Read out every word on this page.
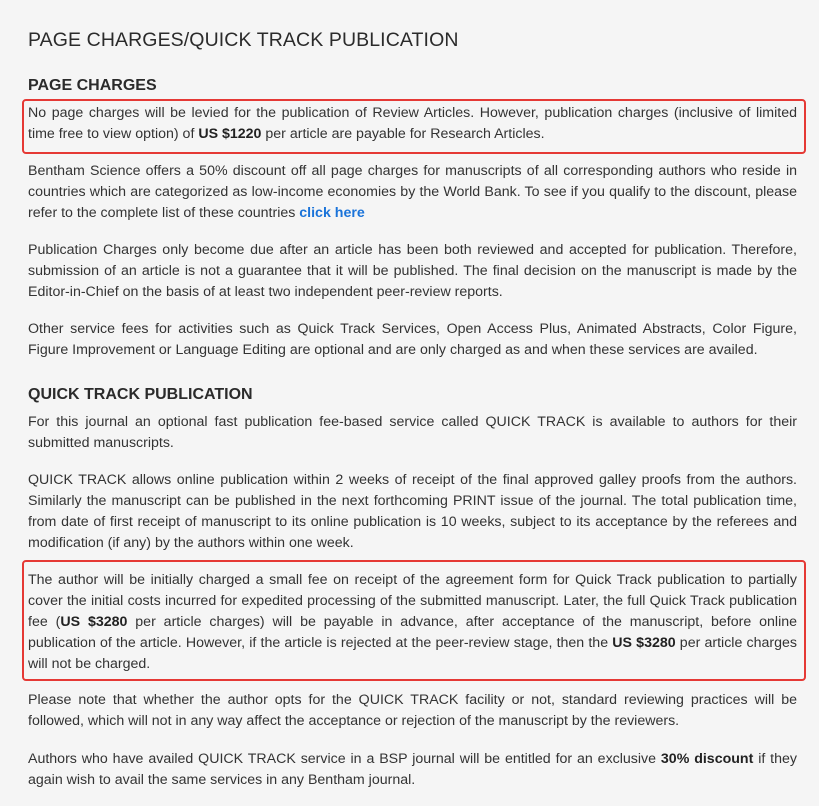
PAGE CHARGES/QUICK TRACK PUBLICATION
PAGE CHARGES

No page charges will be levied for the publication of Review Articles. However, publication charges (inclusive of limited time free to view option) of US $1220 per article are payable for Research Articles.

Bentham Science offers a 50% discount off all page charges for manuscripts of all corresponding authors who reside in countries which are categorized as low-income economies by the World Bank. To see if you qualify to the discount, please refer to the complete list of these countries click here

Publication Charges only become due after an article has been both reviewed and accepted for publication. Therefore, submission of an article is not a guarantee that it will be published. The final decision on the manuscript is made by the Editor-in-Chief on the basis of at least two independent peer-review reports.

Other service fees for activities such as Quick Track Services, Open Access Plus, Animated Abstracts, Color Figure, Figure Improvement or Language Editing are optional and are only charged as and when these services are availed.

QUICK TRACK PUBLICATION

For this journal an optional fast publication fee-based service called QUICK TRACK is available to authors for their submitted manuscripts.

QUICK TRACK allows online publication within 2 weeks of receipt of the final approved galley proofs from the authors. Similarly the manuscript can be published in the next forthcoming PRINT issue of the journal. The total publication time, from date of first receipt of manuscript to its online publication is 10 weeks, subject to its acceptance by the referees and modification (if any) by the authors within one week.

The author will be initially charged a small fee on receipt of the agreement form for Quick Track publication to partially cover the initial costs incurred for expedited processing of the submitted manuscript. Later, the full Quick Track publication fee (US $3280 per article charges) will be payable in advance, after acceptance of the manuscript, before online publication of the article. However, if the article is rejected at the peer-review stage, then the US $3280 per article charges will not be charged.

Please note that whether the author opts for the QUICK TRACK facility or not, standard reviewing practices will be followed, which will not in any way affect the acceptance or rejection of the manuscript by the reviewers.

Authors who have availed QUICK TRACK service in a BSP journal will be entitled for an exclusive 30% discount if they again wish to avail the same services in any Bentham journal.
